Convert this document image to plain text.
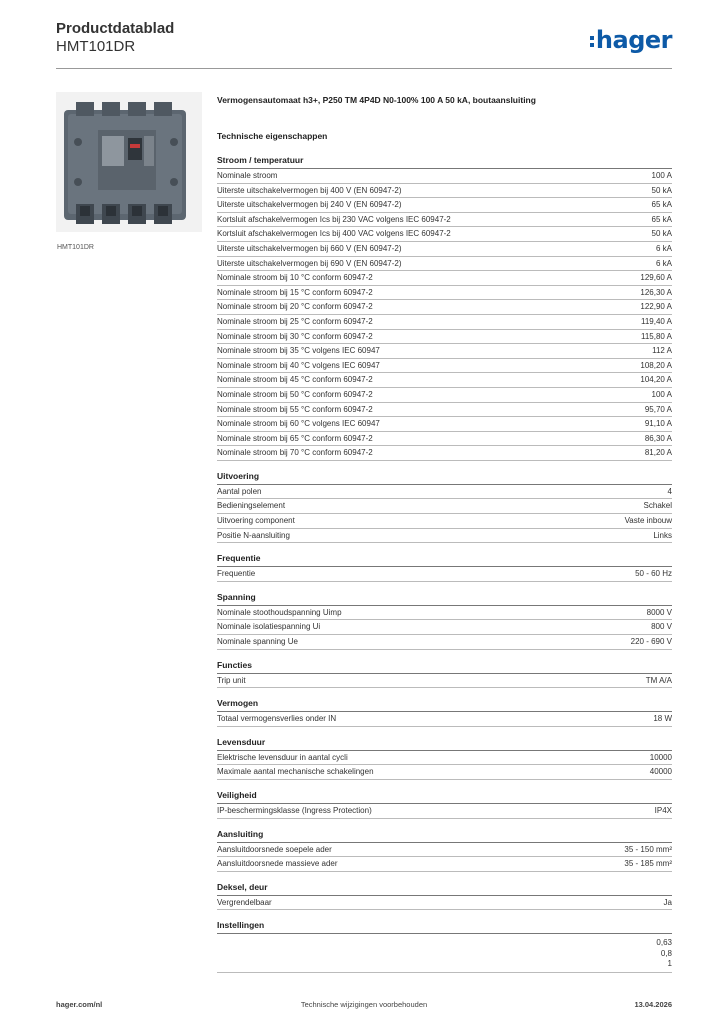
Productdatablad
HMT101DR	hager
HMT101DR
Vermogensautomaat h3+, P250 TM 4P4D N0-100% 100 A 50 kA, boutaansluiting
Technische eigenschappen
Stroom / temperatuur
Nominale stroom	100 A
Uiterste uitschakelvermogen bij 400 V (EN 60947-2)	50 kA
Uiterste uitschakelvermogen bij 240 V (EN 60947-2)	65 kA
Kortsluit afschakelvermogen Ics bij 230 VAC volgens IEC 60947-2	65 kA
Kortsluit afschakelvermogen Ics bij 400 VAC volgens IEC 60947-2	50 kA
Uiterste uitschakelvermogen bij 660 V (EN 60947-2)	6 kA
Uiterste uitschakelvermogen bij 690 V (EN 60947-2)	6 kA
Nominale stroom bij 10 °C conform 60947-2	129,60 A
Nominale stroom bij 15 °C conform 60947-2	126,30 A
Nominale stroom bij 20 °C conform 60947-2	122,90 A
Nominale stroom bij 25 °C conform 60947-2	119,40 A
Nominale stroom bij 30 °C conform 60947-2	115,80 A
Nominale stroom bij 35 °C volgens IEC 60947	112 A
Nominale stroom bij 40 °C volgens IEC 60947	108,20 A
Nominale stroom bij 45 °C conform 60947-2	104,20 A
Nominale stroom bij 50 °C conform 60947-2	100 A
Nominale stroom bij 55 °C conform 60947-2	95,70 A
Nominale stroom bij 60 °C volgens IEC 60947	91,10 A
Nominale stroom bij 65 °C conform 60947-2	86,30 A
Nominale stroom bij 70 °C conform 60947-2	81,20 A
Uitvoering
Aantal polen	4
Bedieningselement	Schakel
Uitvoering component	Vaste inbouw
Positie N-aansluiting	Links
Frequentie
Frequentie	50 - 60 Hz
Spanning
Nominale stoothoudspanning Uimp	8000 V
Nominale isolatiespanning Ui	800 V
Nominale spanning Ue	220 - 690 V
Functies
Trip unit	TM A/A
Vermogen
Totaal vermogensverlies onder IN	18 W
Levensduur
Elektrische levensduur in aantal cycli	10000
Maximale aantal mechanische schakelingen	40000
Veiligheid
IP-beschermingsklasse (Ingress Protection)	IP4X
Aansluiting
Aansluitdoorsnede soepele ader	35 - 150 mm²
Aansluitdoorsnede massieve ader	35 - 185 mm²
Deksel, deur
Vergrendelbaar	Ja
Instellingen
0,63
0,8
1
hager.com/nl	Technische wijzigingen voorbehouden	13.04.2026
